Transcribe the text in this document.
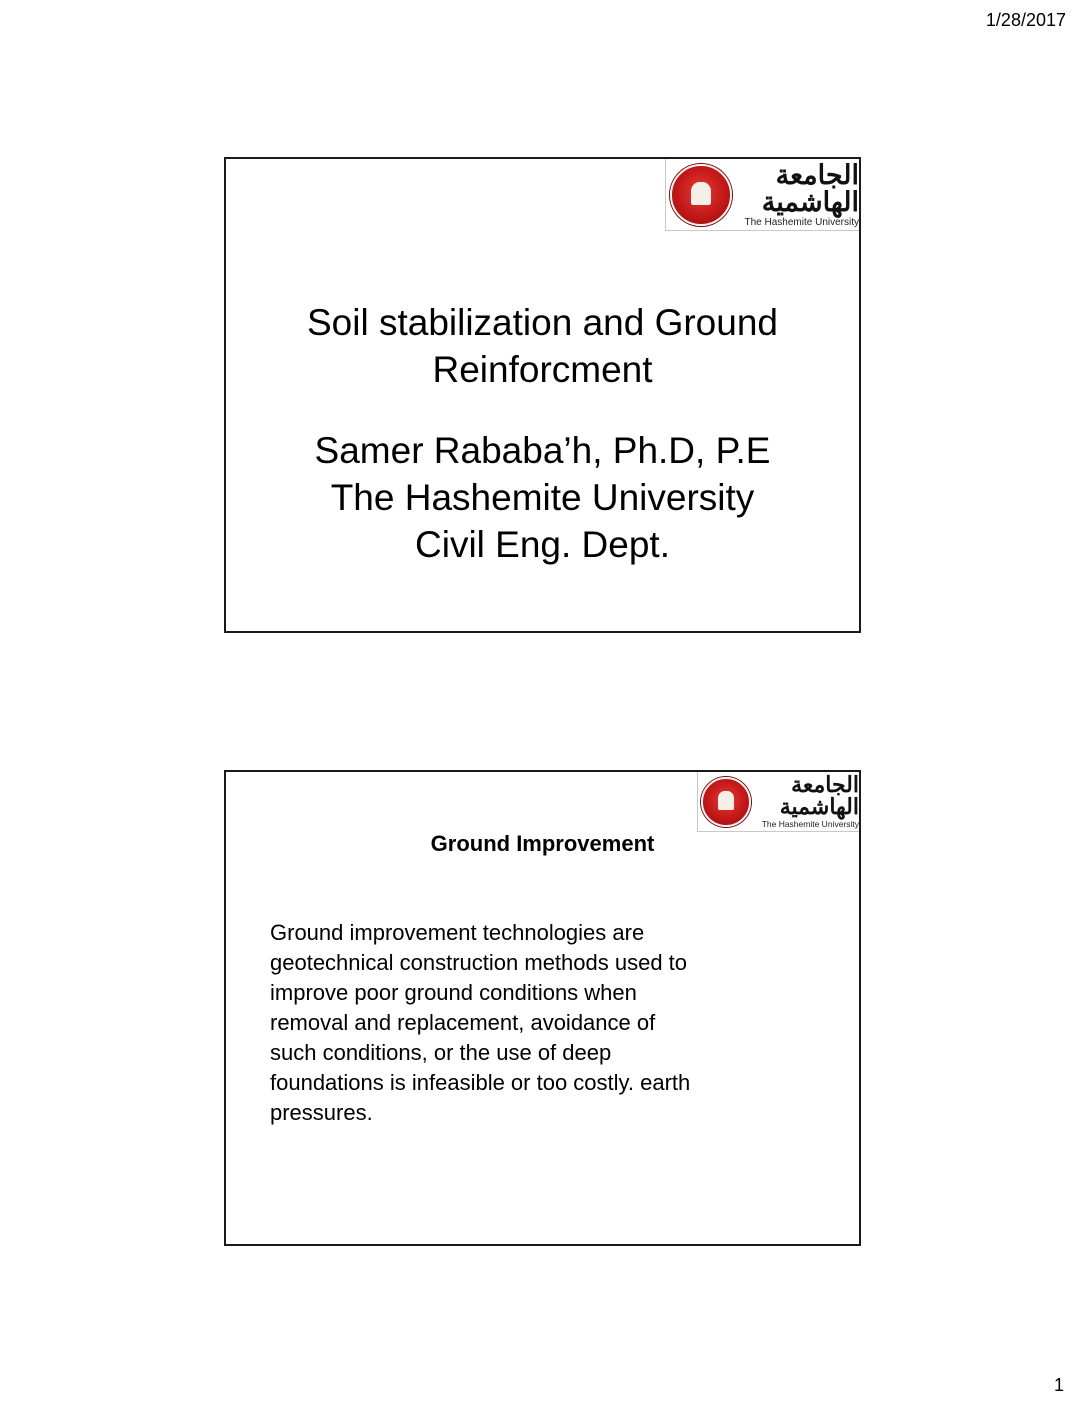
1/28/2017
الجامعة الهاشمية
The Hashemite University
Soil stabilization and Ground
Reinforcment
Samer Rababa’h, Ph.D, P.E
The Hashemite University
Civil Eng. Dept.
الجامعة الهاشمية
The Hashemite University
Ground Improvement
Ground improvement technologies are
geotechnical construction methods used to
improve poor ground conditions when
removal and replacement, avoidance of
such conditions, or the use of deep
foundations is infeasible or too costly. earth
pressures.
1
